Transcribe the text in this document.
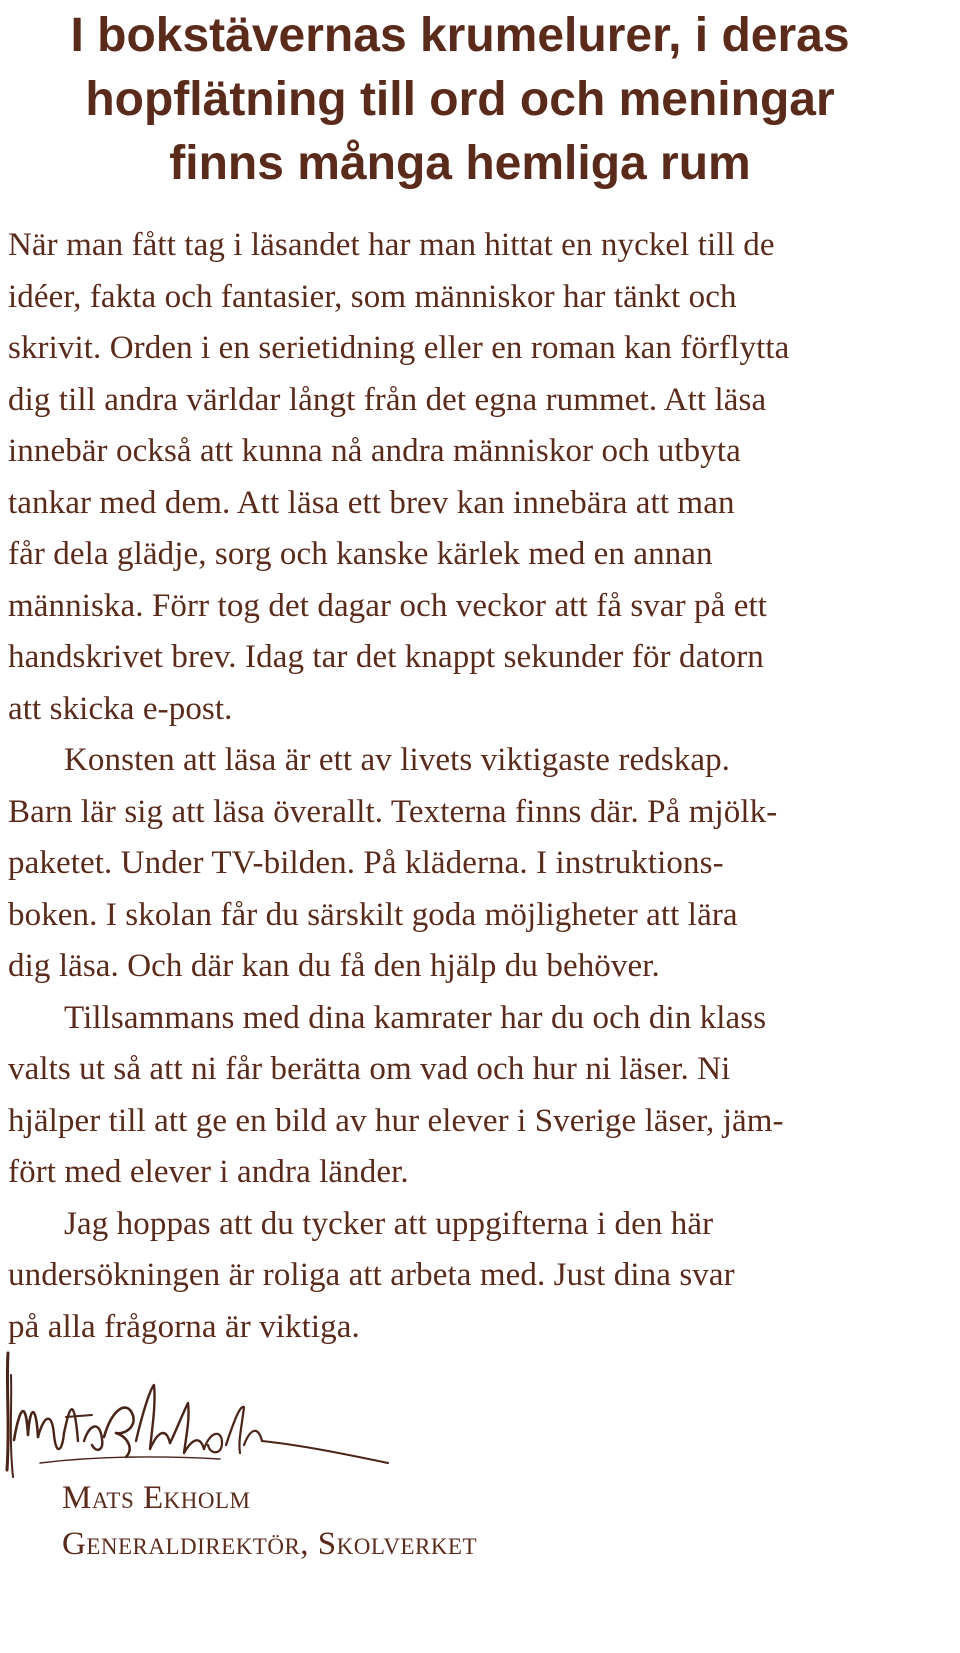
I bokstävernas krumelurer, i deras
hopflätning till ord och meningar
finns många hemliga rum
När man fått tag i läsandet har man hittat en nyckel till de
idéer, fakta och fantasier, som människor har tänkt och
skrivit. Orden i en serietidning eller en roman kan förflytta
dig till andra världar långt från det egna rummet. Att läsa
innebär också att kunna nå andra människor och utbyta
tankar med dem. Att läsa ett brev kan innebära att man
får dela glädje, sorg och kanske kärlek med en annan
människa. Förr tog det dagar och veckor att få svar på ett
handskrivet brev. Idag tar det knappt sekunder för datorn
att skicka e-post.
Konsten att läsa är ett av livets viktigaste redskap.
Barn lär sig att läsa överallt. Texterna finns där. På mjölk-
paketet. Under TV-bilden. På kläderna. I instruktions-
boken. I skolan får du särskilt goda möjligheter att lära
dig läsa. Och där kan du få den hjälp du behöver.
Tillsammans med dina kamrater har du och din klass
valts ut så att ni får berätta om vad och hur ni läser. Ni
hjälper till att ge en bild av hur elever i Sverige läser, jäm-
fört med elever i andra länder.
Jag hoppas att du tycker att uppgifterna i den här
undersökningen är roliga att arbeta med. Just dina svar
på alla frågorna är viktiga.
Mats Ekholm
Generaldirektör, Skolverket
